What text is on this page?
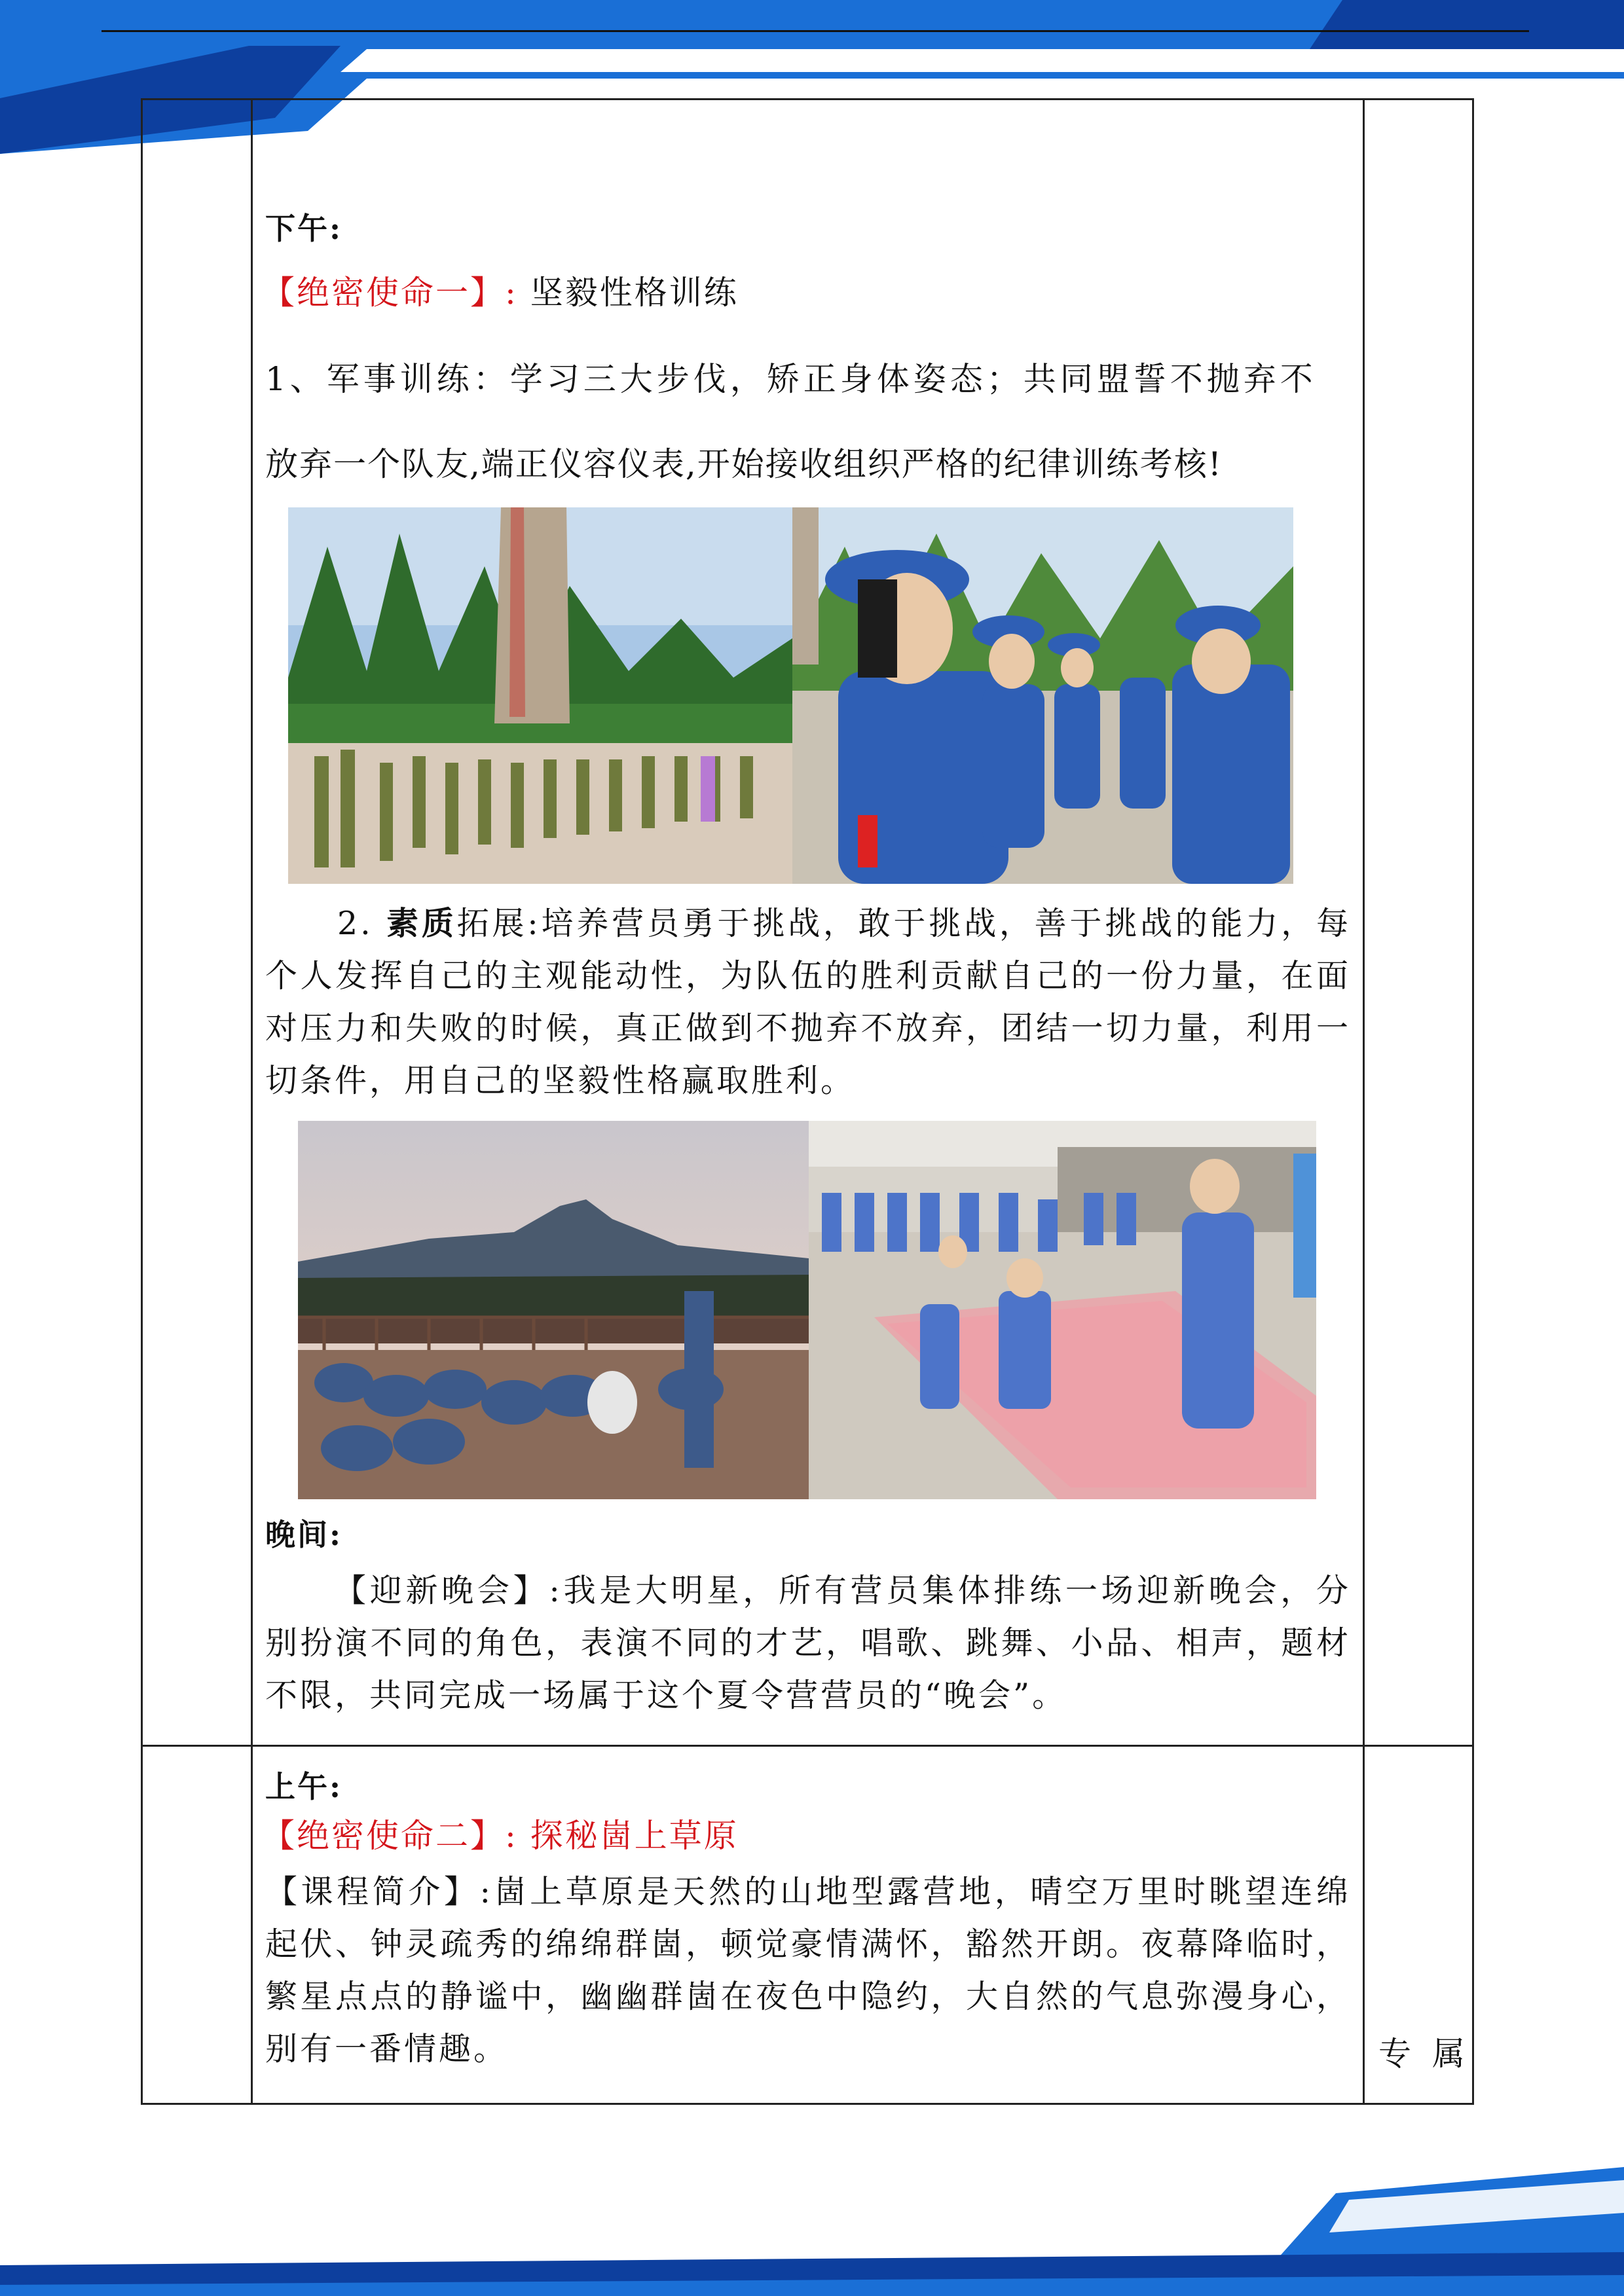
下午:
【绝密使命一】: 坚毅性格训练
1、军事训练：学习三大步伐，矫正身体姿态；共同盟誓不抛弃不
放弃一个队友,端正仪容仪表,开始接收组织严格的纪律训练考核!
2. 素质拓展:培养营员勇于挑战，敢于挑战，善于挑战的能力，每个人发挥自己的主观能动性，为队伍的胜利贡献自己的一份力量，在面对压力和失败的时候，真正做到不抛弃不放弃，团结一切力量，利用一切条件，用自己的坚毅性格赢取胜利。
晚间:
【迎新晚会】:我是大明星，所有营员集体排练一场迎新晚会，分别扮演不同的角色，表演不同的才艺，唱歌、跳舞、小品、相声，题材不限，共同完成一场属于这个夏令营营员的“晚会”。
上午:
【绝密使命二】: 探秘崮上草原
【课程简介】:崮上草原是天然的山地型露营地，晴空万里时眺望连绵起伏、钟灵疏秀的绵绵群崮，顿觉豪情满怀，豁然开朗。夜幕降临时，繁星点点的静谧中，幽幽群崮在夜色中隐约，大自然的气息弥漫身心，别有一番情趣。	专属
